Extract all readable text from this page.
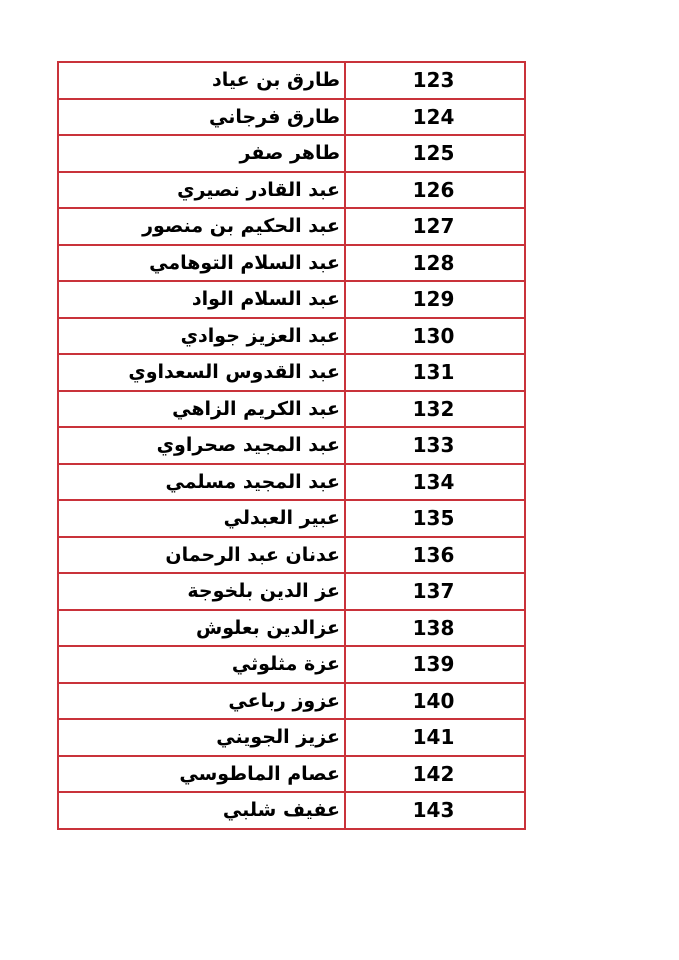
طارق بن عياد	123
طارق فرجاني	124
طاهر صفر	125
عبد القادر نصيري	126
عبد الحكيم بن منصور	127
عبد السلام التوهامي	128
عبد السلام الواد	129
عبد العزيز جوادي	130
عبد القدوس السعداوي	131
عبد الكريم الزاهي	132
عبد المجيد صحراوي	133
عبد المجيد مسلمي	134
عبير العبدلي	135
عدنان عبد الرحمان	136
عز الدين بلخوجة	137
عزالدين بعلوش	138
عزة مثلوثي	139
عزوز رباعي	140
عزيز الجويني	141
عصام الماطوسي	142
عفيف شلبي	143
